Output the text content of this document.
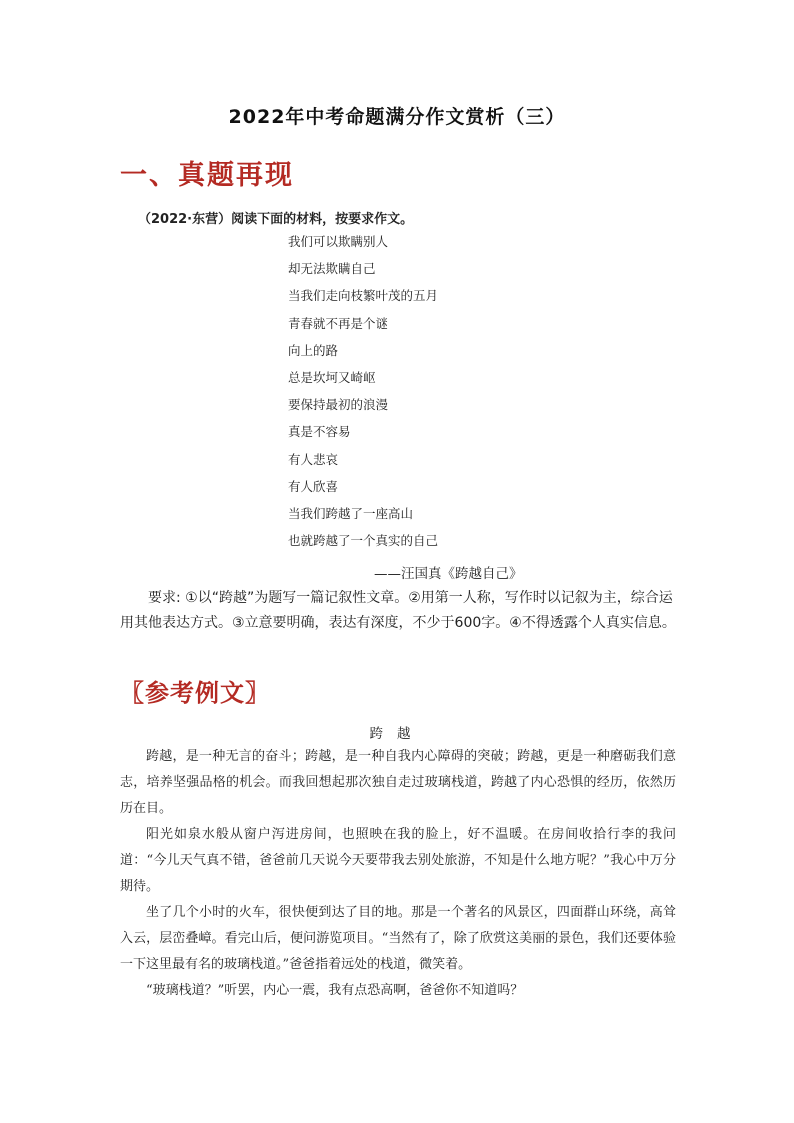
2022年中考命题满分作文赏析（三）
一、真题再现
（2022·东营）阅读下面的材料，按要求作文。
我们可以欺瞒别人
却无法欺瞒自己
当我们走向枝繁叶茂的五月
青春就不再是个谜
向上的路
总是坎坷又崎岖
要保持最初的浪漫
真是不容易
有人悲哀
有人欣喜
当我们跨越了一座高山
也就跨越了一个真实的自己
——汪国真《跨越自己》

要求: ①以“跨越”为题写一篇记叙性文章。②用第一人称，写作时以记叙为主，综合运用其他表达方式。③立意要明确，表达有深度，不少于600字。④不得透露个人真实信息。

〖参考例文〗
跨越

跨越，是一种无言的奋斗；跨越，是一种自我内心障碍的突破；跨越，更是一种磨砺我们意志，培养坚强品格的机会。而我回想起那次独自走过玻璃栈道，跨越了内心恐惧的经历，依然历历在目。

阳光如泉水般从窗户泻进房间，也照映在我的脸上，好不温暖。在房间收拾行李的我问道：“今儿天气真不错，爸爸前几天说今天要带我去别处旅游，不知是什么地方呢？”我心中万分期待。

坐了几个小时的火车，很快便到达了目的地。那是一个著名的风景区，四面群山环绕，高耸入云，层峦叠嶂。看完山后，便问游览项目。“当然有了，除了欣赏这美丽的景色，我们还要体验一下这里最有名的玻璃栈道。”爸爸指着远处的栈道，微笑着。

“玻璃栈道？”听罢，内心一震，我有点恐高啊，爸爸你不知道吗？
